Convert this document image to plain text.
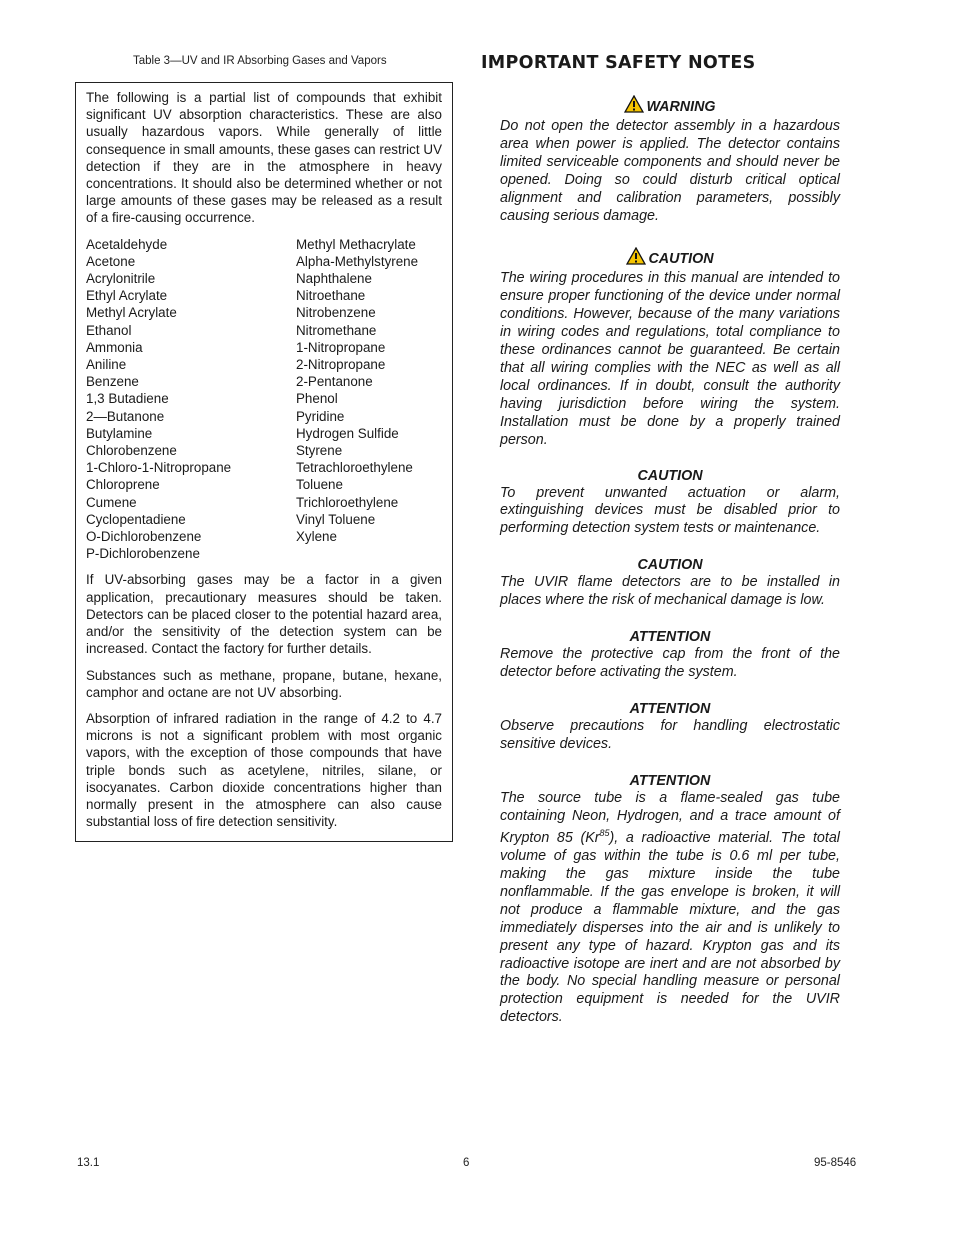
Table 3—UV and IR Absorbing Gases and Vapors

The following is a partial list of compounds that exhibit significant UV absorption characteristics. These are also usually hazardous vapors. While generally of little consequence in small amounts, these gases can restrict UV detection if they are in the atmosphere in heavy concentrations. It should also be determined whether or not large amounts of these gases may be released as a result of a fire-causing occurrence.

Acetaldehyde
Acetone
Acrylonitrile
Ethyl Acrylate
Methyl Acrylate
Ethanol
Ammonia
Aniline
Benzene
1,3 Butadiene
2—Butanone
Butylamine
Chlorobenzene
1-Chloro-1-Nitropropane
Chloroprene
Cumene
Cyclopentadiene
O-Dichlorobenzene
P-Dichlorobenzene
Methyl Methacrylate
Alpha-Methylstyrene
Naphthalene
Nitroethane
Nitrobenzene
Nitromethane
1-Nitropropane
2-Nitropropane
2-Pentanone
Phenol
Pyridine
Hydrogen Sulfide
Styrene
Tetrachloroethylene
Toluene
Trichloroethylene
Vinyl Toluene
Xylene

If UV-absorbing gases may be a factor in a given application, precautionary measures should be taken. Detectors can be placed closer to the potential hazard area, and/or the sensitivity of the detection system can be increased. Contact the factory for further details.

Substances such as methane, propane, butane, hexane, camphor and octane are not UV absorbing.

Absorption of infrared radiation in the range of 4.2 to 4.7 microns is not a significant problem with most organic vapors, with the exception of those compounds that have triple bonds such as acetylene, nitriles, silane, or isocyanates. Carbon dioxide concentrations higher than normally present in the atmosphere can also cause substantial loss of fire detection sensitivity.

IMPORTANT SAFETY NOTES
WARNING

Do not open the detector assembly in a hazardous area when power is applied. The detector contains limited serviceable components and should never be opened. Doing so could disturb critical optical alignment and calibration parameters, possibly causing serious damage.

CAUTION

The wiring procedures in this manual are intended to ensure proper functioning of the device under normal conditions. However, because of the many variations in wiring codes and regulations, total compliance to these ordinances cannot be guaranteed. Be certain that all wiring complies with the NEC as well as all local ordinances. If in doubt, consult the authority having jurisdiction before wiring the system. Installation must be done by a properly trained person.

CAUTION

To prevent unwanted actuation or alarm, extinguishing devices must be disabled prior to performing detection system tests or maintenance.

CAUTION

The UVIR flame detectors are to be installed in places where the risk of mechanical damage is low.

ATTENTION

Remove the protective cap from the front of the detector before activating the system.

ATTENTION

Observe precautions for handling electrostatic sensitive devices.

ATTENTION

The source tube is a flame-sealed gas tube containing Neon, Hydrogen, and a trace amount of Krypton 85 (Kr$^{85}$), a radioactive material. The total volume of gas within the tube is 0.6 ml per tube, making the gas mixture inside the tube nonflammable. If the gas envelope is broken, it will not produce a flammable mixture, and the gas immediately disperses into the air and is unlikely to present any type of hazard. Krypton gas and its radioactive isotope are inert and are not absorbed by the body. No special handling measure or personal protection equipment is needed for the UVIR detectors.

13.1	6	95-8546
